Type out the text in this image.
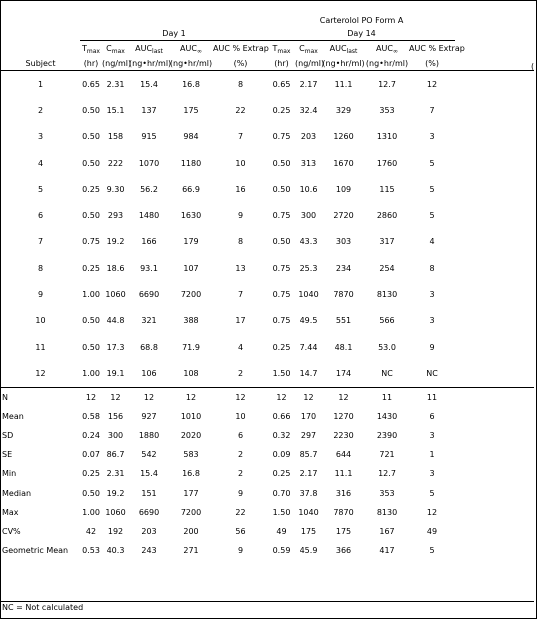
						Carterolol PO Form A					
	Day 1					Day 14					
	$T_{max}$	$C_{max}$	$AUC_{last}$	$AUC_\infty$	AUC % Extrap	$T_{max}$	$C_{max}$	$AUC_{last}$	$AUC_\infty$	AUC % Extrap	
Subject	(hr)	(ng/ml)	(ng•hr/ml)	(ng•hr/ml)	(%)	(hr)	(ng/ml)	(ng•hr/ml)	(ng•hr/ml)	(%)	
1	0.65	2.31	15.4	16.8	8	0.65	2.17	11.1	12.7	12	
2	0.50	15.1	137	175	22	0.25	32.4	329	353	7	
3	0.50	158	915	984	7	0.75	203	1260	1310	3	
4	0.50	222	1070	1180	10	0.50	313	1670	1760	5	
5	0.25	9.30	56.2	66.9	16	0.50	10.6	109	115	5	
6	0.50	293	1480	1630	9	0.75	300	2720	2860	5	
7	0.75	19.2	166	179	8	0.50	43.3	303	317	4	
8	0.25	18.6	93.1	107	13	0.75	25.3	234	254	8	
9	1.00	1060	6690	7200	7	0.75	1040	7870	8130	3	
10	0.50	44.8	321	388	17	0.75	49.5	551	566	3	
11	0.50	17.3	68.8	71.9	4	0.25	7.44	48.1	53.0	9	
12	1.00	19.1	106	108	2	1.50	14.7	174	NC	NC	
N	12	12	12	12	12	12	12	12	11	11	
Mean	0.58	156	927	1010	10	0.66	170	1270	1430	6	
SD	0.24	300	1880	2020	6	0.32	297	2230	2390	3	
SE	0.07	86.7	542	583	2	0.09	85.7	644	721	1	
Min	0.25	2.31	15.4	16.8	2	0.25	2.17	11.1	12.7	3	
Median	0.50	19.2	151	177	9	0.70	37.8	316	353	5	
Max	1.00	1060	6690	7200	22	1.50	1040	7870	8130	12	
CV%	42	192	203	200	56	49	175	175	167	49	
Geometric Mean	0.53	40.3	243	271	9	0.59	45.9	366	417	5	
(
NC = Not calculated
